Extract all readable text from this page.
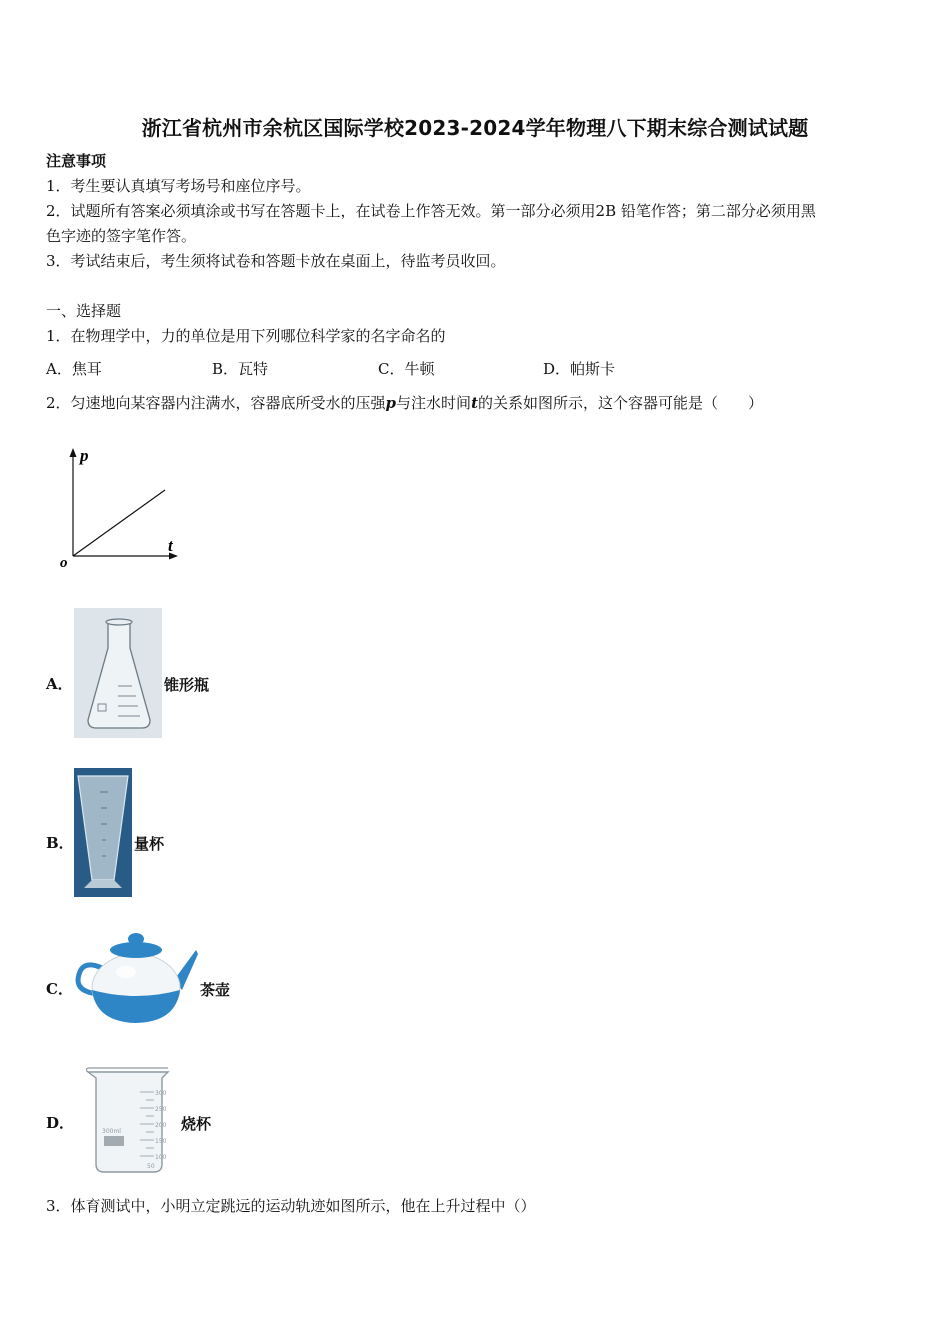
浙江省杭州市余杭区国际学校2023-2024学年物理八下期末综合测试试题
注意事项
1．考生要认真填写考场号和座位序号。
2．试题所有答案必须填涂或书写在答题卡上，在试卷上作答无效。第一部分必须用2B 铅笔作答；第二部分必须用黑
色字迹的签字笔作答。
3．考试结束后，考生须将试卷和答题卡放在桌面上，待监考员收回。
一、选择题
1．在物理学中，力的单位是用下列哪位科学家的名字命名的
A．焦耳	B．瓦特	C．牛顿	D．帕斯卡
2．匀速地向某容器内注满水，容器底所受水的压强p与注水时间t的关系如图所示，这个容器可能是（　　）
p
t
o
A．	锥形瓶
B．	量杯
C．	茶壶
D．
300
250
200
150
100
50
300ml	烧杯
3．体育测试中，小明立定跳远的运动轨迹如图所示，他在上升过程中（）
